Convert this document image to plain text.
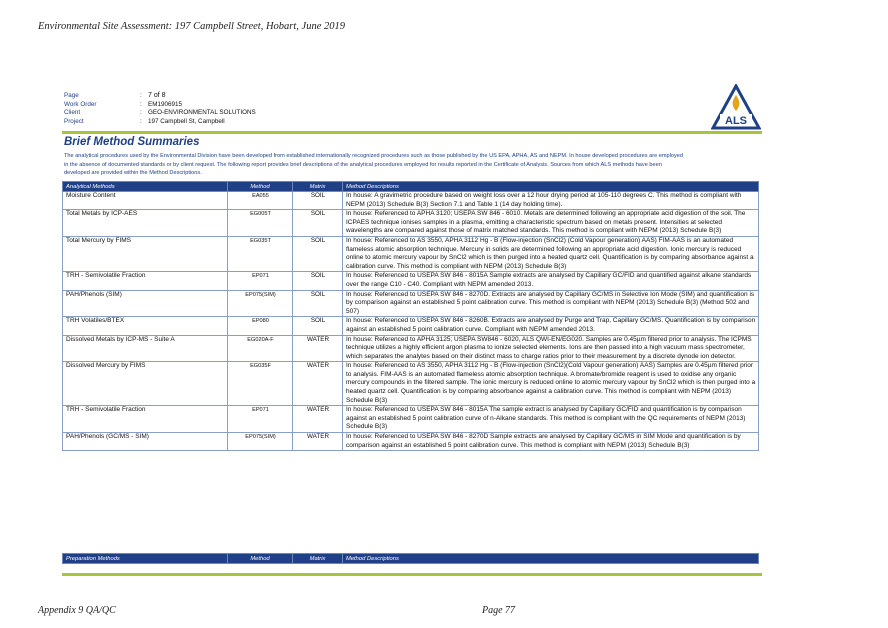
Environmental Site Assessment: 197 Campbell Street, Hobart, June 2019
Page	: 7 of 8
Work Order	: EM1906915
Client	: GEO-ENVIRONMENTAL SOLUTIONS
Project	: 197 Campbell St, Campbell	ALS
Brief Method Summaries
The analytical procedures used by the Environmental Division have been developed from established internationally recognized procedures such as those published by the US EPA, APHA, AS and NEPM. In house developed procedures are employed in the absence of documented standards or by client request. The following report provides brief descriptions of the analytical procedures employed for results reported in the Certificate of Analysis. Sources from which ALS methods have been developed are provided within the Method Descriptions.
Analytical Methods	Method	Matrix	Method Descriptions
Moisture Content	EA055	SOIL	In house: A gravimetric procedure based on weight loss over a 12 hour drying period at 105-110 degrees C. This method is compliant with NEPM (2013) Schedule B(3) Section 7.1 and Table 1 (14 day holding time).
Total Metals by ICP-AES	EG005T	SOIL	In house: Referenced to APHA 3120; USEPA SW 846 - 6010. Metals are determined following an appropriate acid digestion of the soil. The ICPAES technique ionises samples in a plasma, emitting a characteristic spectrum based on metals present. Intensities at selected wavelengths are compared against those of matrix matched standards. This method is compliant with NEPM (2013) Schedule B(3)
Total Mercury by FIMS	EG035T	SOIL	In house: Referenced to AS 3550, APHA 3112 Hg - B (Flow-injection (SnCl2) (Cold Vapour generation) AAS) FIM-AAS is an automated flameless atomic absorption technique. Mercury in solids are determined following an appropriate acid digestion. Ionic mercury is reduced online to atomic mercury vapour by SnCl2 which is then purged into a heated quartz cell. Quantification is by comparing absorbance against a calibration curve. This method is compliant with NEPM (2013) Schedule B(3)
TRH - Semivolatile Fraction	EP071	SOIL	In house: Referenced to USEPA SW 846 - 8015A Sample extracts are analysed by Capillary GC/FID and quantified against alkane standards over the range C10 - C40. Compliant with NEPM amended 2013.
PAH/Phenols (SIM)	EP075(SIM)	SOIL	In house: Referenced to USEPA SW 846 - 8270D. Extracts are analysed by Capillary GC/MS in Selective Ion Mode (SIM) and quantification is by comparison against an established 5 point calibration curve. This method is compliant with NEPM (2013) Schedule B(3) (Method 502 and 507)
TRH Volatiles/BTEX	EP080	SOIL	In house: Referenced to USEPA SW 846 - 8260B. Extracts are analysed by Purge and Trap, Capillary GC/MS. Quantification is by comparison against an established 5 point calibration curve. Compliant with NEPM amended 2013.
Dissolved Metals by ICP-MS - Suite A	EG020A-F	WATER	In house: Referenced to APHA 3125; USEPA SW846 - 6020, ALS QWI-EN/EG020. Samples are 0.45µm filtered prior to analysis. The ICPMS technique utilizes a highly efficient argon plasma to ionize selected elements. Ions are then passed into a high vacuum mass spectrometer, which separates the analytes based on their distinct mass to charge ratios prior to their measurement by a discrete dynode ion detector.
Dissolved Mercury by FIMS	EG035F	WATER	In house: Referenced to AS 3550, APHA 3112 Hg - B (Flow-injection (SnCl2)(Cold Vapour generation) AAS) Samples are 0.45µm filtered prior to analysis. FIM-AAS is an automated flameless atomic absorption technique. A bromate/bromide reagent is used to oxidise any organic mercury compounds in the filtered sample. The ionic mercury is reduced online to atomic mercury vapour by SnCl2 which is then purged into a heated quartz cell. Quantification is by comparing absorbance against a calibration curve. This method is compliant with NEPM (2013) Schedule B(3)
TRH - Semivolatile Fraction	EP071	WATER	In house: Referenced to USEPA SW 846 - 8015A The sample extract is analysed by Capillary GC/FID and quantification is by comparison against an established 5 point calibration curve of n-Alkane standards. This method is compliant with the QC requirements of NEPM (2013) Schedule B(3)
PAH/Phenols (GC/MS - SIM)	EP075(SIM)	WATER	In house: Referenced to USEPA SW 846 - 8270D Sample extracts are analysed by Capillary GC/MS in SIM Mode and quantification is by comparison against an established 5 point calibration curve. This method is compliant with NEPM (2013) Schedule B(3)
Preparation Methods	Method	Matrix	Method Descriptions
Appendix 9 QA/QC	Page 77
